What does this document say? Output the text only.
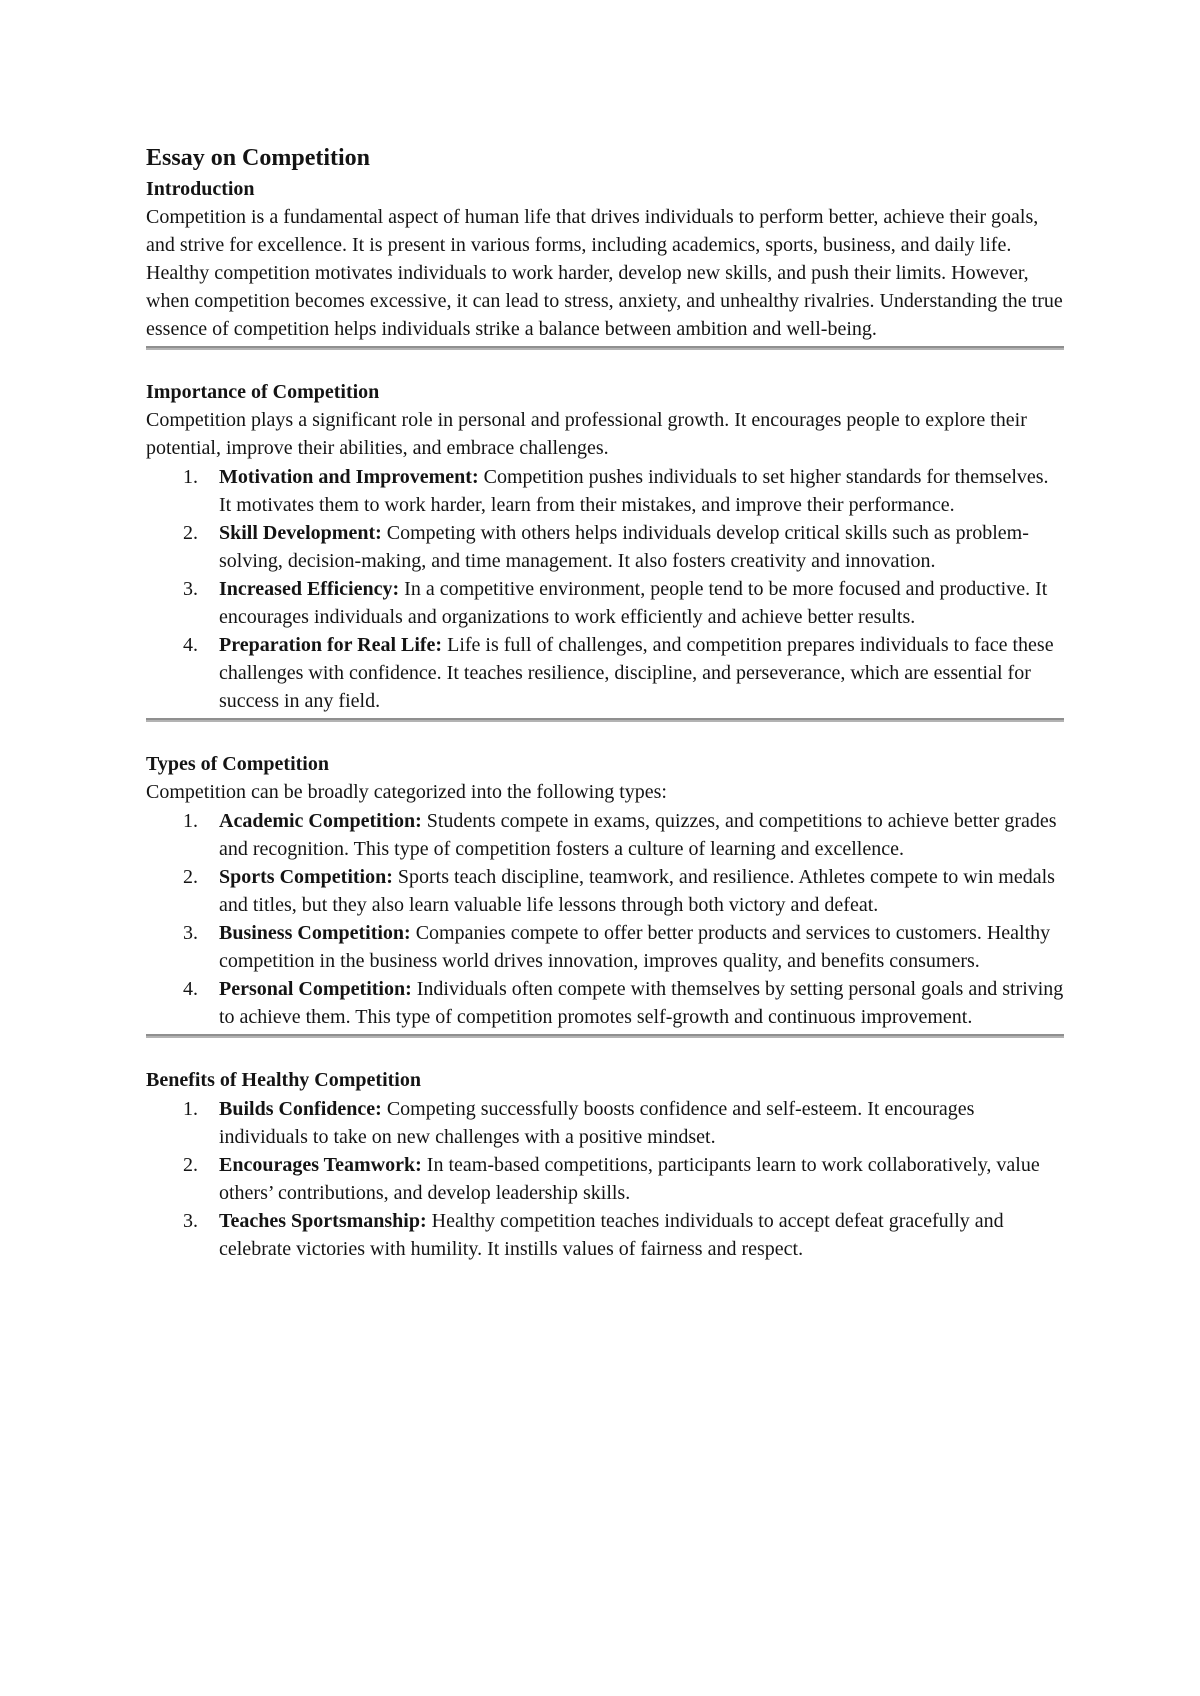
Essay on Competition
Introduction

Competition is a fundamental aspect of human life that drives individuals to perform better, achieve their goals, and strive for excellence. It is present in various forms, including academics, sports, business, and daily life. Healthy competition motivates individuals to work harder, develop new skills, and push their limits. However, when competition becomes excessive, it can lead to stress, anxiety, and unhealthy rivalries. Understanding the true essence of competition helps individuals strike a balance between ambition and well-being.

Importance of Competition

Competition plays a significant role in personal and professional growth. It encourages people to explore their potential, improve their abilities, and embrace challenges.

1. Motivation and Improvement: Competition pushes individuals to set higher standards for themselves. It motivates them to work harder, learn from their mistakes, and improve their performance.
2. Skill Development: Competing with others helps individuals develop critical skills such as problem-solving, decision-making, and time management. It also fosters creativity and innovation.
3. Increased Efficiency: In a competitive environment, people tend to be more focused and productive. It encourages individuals and organizations to work efficiently and achieve better results.
4. Preparation for Real Life: Life is full of challenges, and competition prepares individuals to face these challenges with confidence. It teaches resilience, discipline, and perseverance, which are essential for success in any field.
Types of Competition

Competition can be broadly categorized into the following types:

1. Academic Competition: Students compete in exams, quizzes, and competitions to achieve better grades and recognition. This type of competition fosters a culture of learning and excellence.
2. Sports Competition: Sports teach discipline, teamwork, and resilience. Athletes compete to win medals and titles, but they also learn valuable life lessons through both victory and defeat.
3. Business Competition: Companies compete to offer better products and services to customers. Healthy competition in the business world drives innovation, improves quality, and benefits consumers.
4. Personal Competition: Individuals often compete with themselves by setting personal goals and striving to achieve them. This type of competition promotes self-growth and continuous improvement.
Benefits of Healthy Competition
1. Builds Confidence: Competing successfully boosts confidence and self-esteem. It encourages individuals to take on new challenges with a positive mindset.
2. Encourages Teamwork: In team-based competitions, participants learn to work collaboratively, value others’ contributions, and develop leadership skills.
3. Teaches Sportsmanship: Healthy competition teaches individuals to accept defeat gracefully and celebrate victories with humility. It instills values of fairness and respect.
